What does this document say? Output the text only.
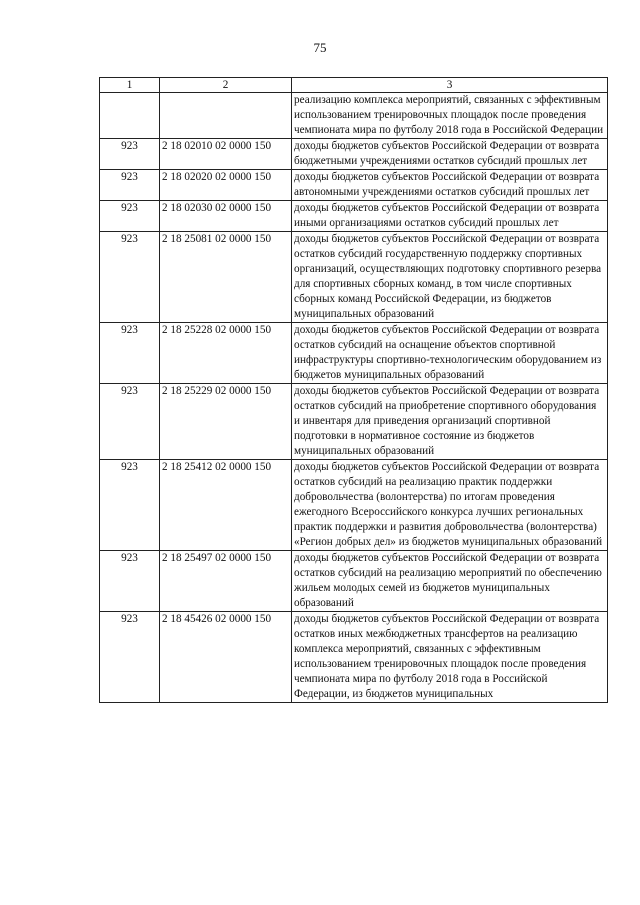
75
1	2	3
		реализацию комплекса мероприятий, связанных с эффективным использованием тренировочных площадок после проведения чемпионата мира по футболу 2018 года в Российской Федерации
923	2 18 02010 02 0000 150	доходы бюджетов субъектов Российской Федерации от возврата бюджетными учреждениями остатков субсидий прошлых лет
923	2 18 02020 02 0000 150	доходы бюджетов субъектов Российской Федерации от возврата автономными учреждениями остатков субсидий прошлых лет
923	2 18 02030 02 0000 150	доходы бюджетов субъектов Российской Федерации от возврата иными организациями остатков субсидий прошлых лет
923	2 18 25081 02 0000 150	доходы бюджетов субъектов Российской Федерации от возврата остатков субсидий государственную поддержку спортивных организаций, осуществляющих подготовку спортивного резерва для спортивных сборных команд, в том числе спортивных сборных команд Российской Федерации, из бюджетов муниципальных образований
923	2 18 25228 02 0000 150	доходы бюджетов субъектов Российской Федерации от возврата остатков субсидий на оснащение объектов спортивной инфраструктуры спортивно-технологическим оборудованием из бюджетов муниципальных образований
923	2 18 25229 02 0000 150	доходы бюджетов субъектов Российской Федерации от возврата остатков субсидий на приобретение спортивного оборудования и инвентаря для приведения организаций спортивной подготовки в нормативное состояние из бюджетов муниципальных образований
923	2 18 25412 02 0000 150	доходы бюджетов субъектов Российской Федерации от возврата остатков субсидий на реализацию практик поддержки добровольчества (волонтерства) по итогам проведения ежегодного Всероссийского конкурса лучших региональных практик поддержки и развития добровольчества (волонтерства) «Регион добрых дел» из бюджетов муниципальных образований
923	2 18 25497 02 0000 150	доходы бюджетов субъектов Российской Федерации от возврата остатков субсидий на реализацию мероприятий по обеспечению жильем молодых семей из бюджетов муниципальных образований
923	2 18 45426 02 0000 150	доходы бюджетов субъектов Российской Федерации от возврата остатков иных межбюджетных трансфертов на реализацию комплекса мероприятий, связанных с эффективным использованием тренировочных площадок после проведения чемпионата мира по футболу 2018 года в Российской Федерации, из бюджетов муниципальных
